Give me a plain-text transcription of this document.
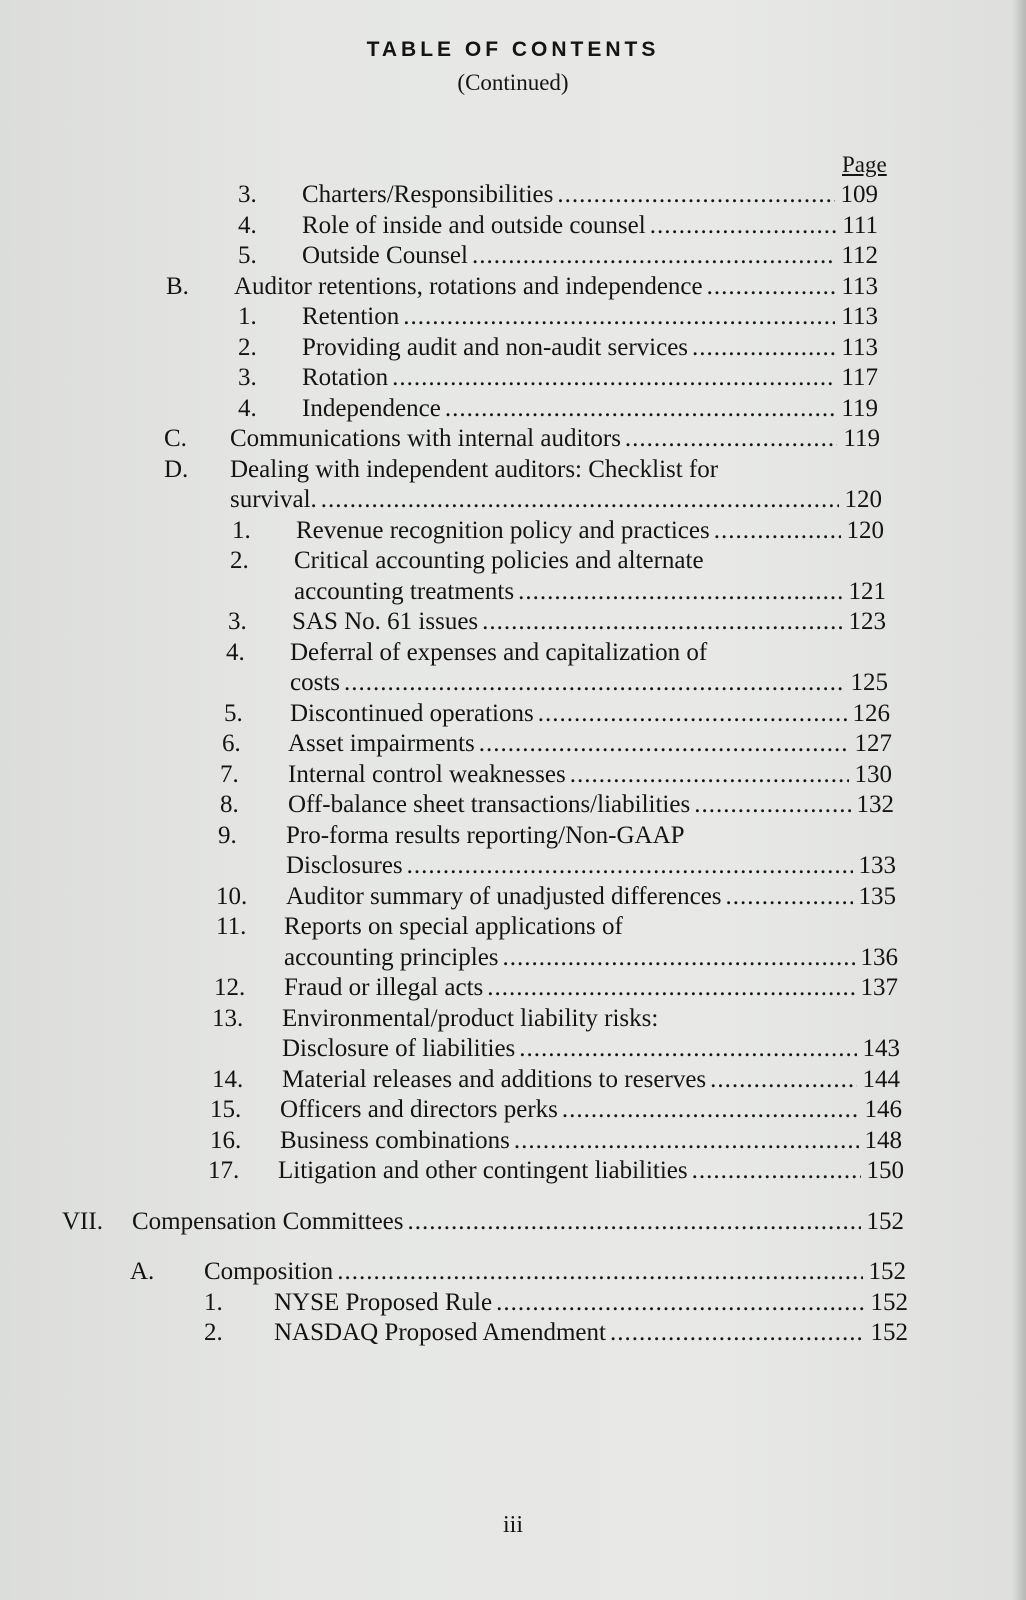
TABLE OF CONTENTS
(Continued)
Page
3. Charters/Responsibilities .....	109
4. Role of inside and outside counsel .....	111
5. Outside Counsel .....	112
B. Auditor retentions, rotations and independence .....	113
1. Retention .....	113
2. Providing audit and non-audit services .....	113
3. Rotation .....	117
4. Independence .....	119
C. Communications with internal auditors .....	119
D. Dealing with independent auditors: Checklist for
survival. .....	120
1. Revenue recognition policy and practices .....	120
2. Critical accounting policies and alternate
accounting treatments .....	121
3. SAS No. 61 issues .....	123
4. Deferral of expenses and capitalization of
costs .....	125
5. Discontinued operations .....	126
6. Asset impairments .....	127
7. Internal control weaknesses .....	130
8. Off-balance sheet transactions/liabilities .....	132
9. Pro-forma results reporting/Non-GAAP
Disclosures .....	133
10. Auditor summary of unadjusted differences .....	135
11. Reports on special applications of
accounting principles .....	136
12. Fraud or illegal acts .....	137
13. Environmental/product liability risks:
Disclosure of liabilities .....	143
14. Material releases and additions to reserves .....	144
15. Officers and directors perks .....	146
16. Business combinations .....	148
17. Litigation and other contingent liabilities .....	150
VII. Compensation Committees .....	152
A. Composition .....	152
1. NYSE Proposed Rule .....	152
2. NASDAQ Proposed Amendment .....	152
iii
